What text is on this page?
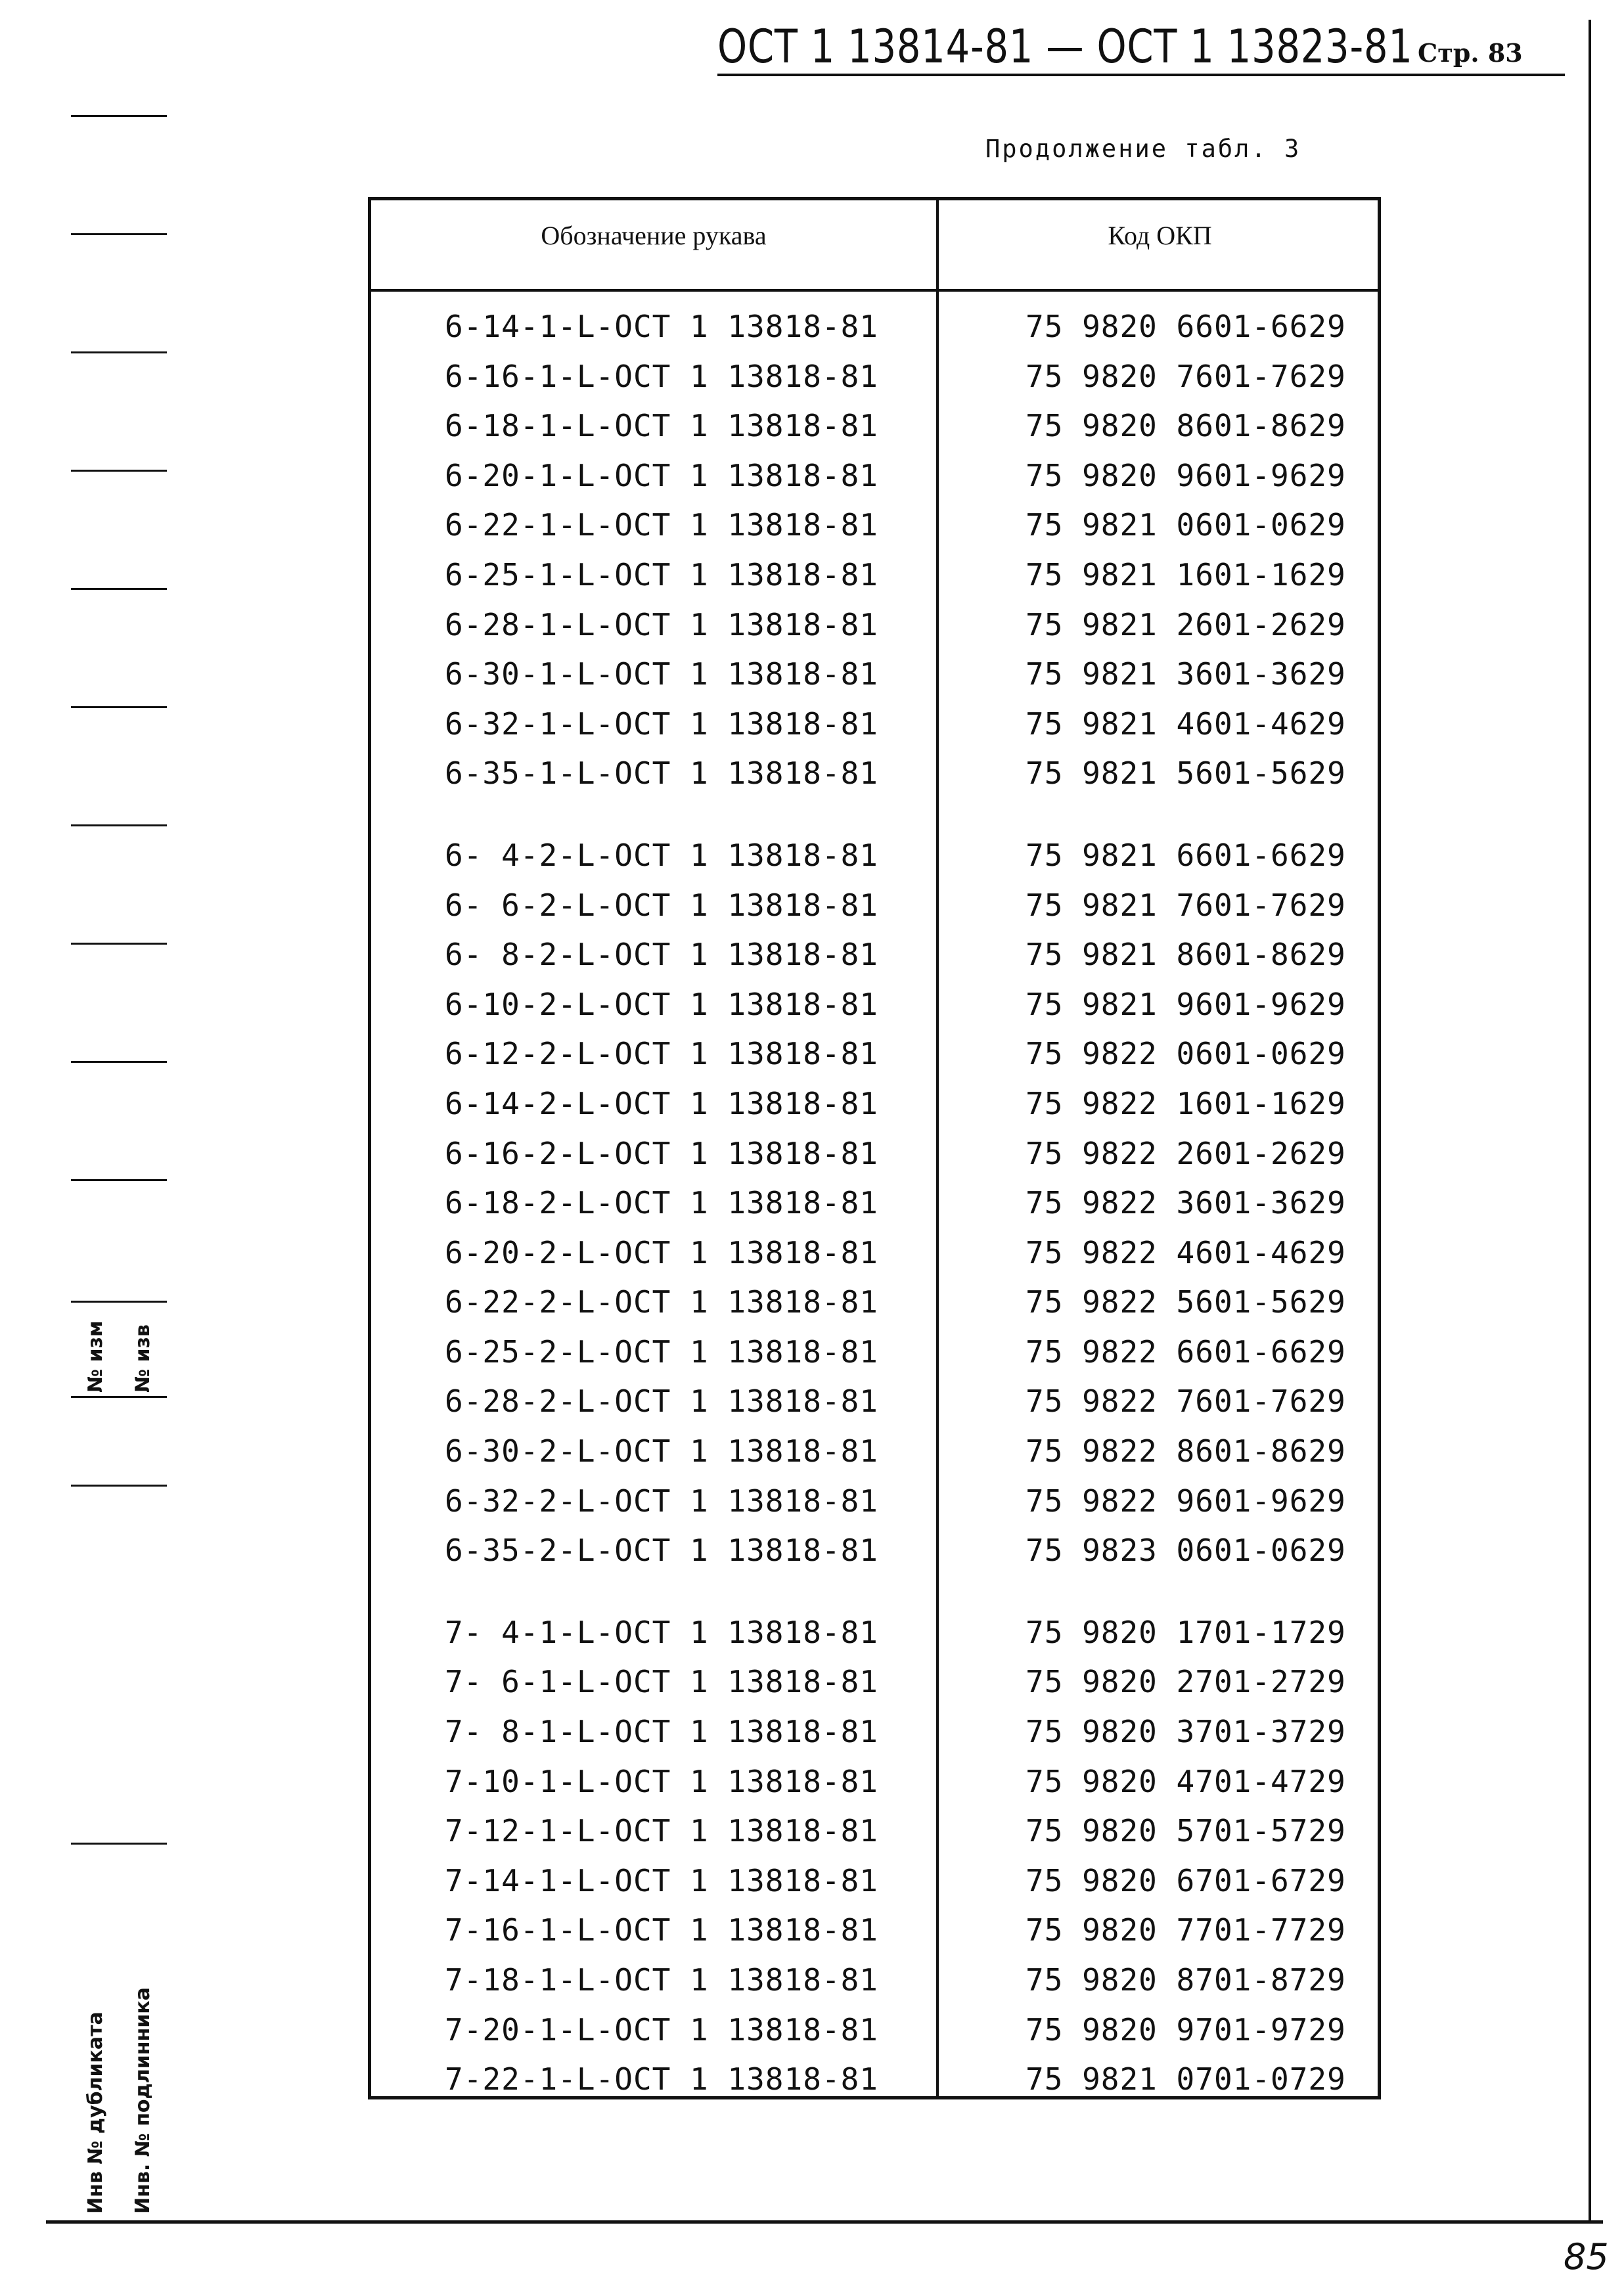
№ изм № изв
Инв № дубликата Инв. № подлинника
ОСТ 1 13814-81 — ОСТ 1 13823-81 Стр. 83
Продолжение табл. 3
Обозначение рукава	Код ОКП
6-14-1-L-ОСТ 1 13818-81	75 9820 6601-6629
6-16-1-L-ОСТ 1 13818-81	75 9820 7601-7629
6-18-1-L-ОСТ 1 13818-81	75 9820 8601-8629
6-20-1-L-ОСТ 1 13818-81	75 9820 9601-9629
6-22-1-L-ОСТ 1 13818-81	75 9821 0601-0629
6-25-1-L-ОСТ 1 13818-81	75 9821 1601-1629
6-28-1-L-ОСТ 1 13818-81	75 9821 2601-2629
6-30-1-L-ОСТ 1 13818-81	75 9821 3601-3629
6-32-1-L-ОСТ 1 13818-81	75 9821 4601-4629
6-35-1-L-ОСТ 1 13818-81	75 9821 5601-5629
6- 4-2-L-ОСТ 1 13818-81	75 9821 6601-6629
6- 6-2-L-ОСТ 1 13818-81	75 9821 7601-7629
6- 8-2-L-ОСТ 1 13818-81	75 9821 8601-8629
6-10-2-L-ОСТ 1 13818-81	75 9821 9601-9629
6-12-2-L-ОСТ 1 13818-81	75 9822 0601-0629
6-14-2-L-ОСТ 1 13818-81	75 9822 1601-1629
6-16-2-L-ОСТ 1 13818-81	75 9822 2601-2629
6-18-2-L-ОСТ 1 13818-81	75 9822 3601-3629
6-20-2-L-ОСТ 1 13818-81	75 9822 4601-4629
6-22-2-L-ОСТ 1 13818-81	75 9822 5601-5629
6-25-2-L-ОСТ 1 13818-81	75 9822 6601-6629
6-28-2-L-ОСТ 1 13818-81	75 9822 7601-7629
6-30-2-L-ОСТ 1 13818-81	75 9822 8601-8629
6-32-2-L-ОСТ 1 13818-81	75 9822 9601-9629
6-35-2-L-ОСТ 1 13818-81	75 9823 0601-0629
7- 4-1-L-ОСТ 1 13818-81	75 9820 1701-1729
7- 6-1-L-ОСТ 1 13818-81	75 9820 2701-2729
7- 8-1-L-ОСТ 1 13818-81	75 9820 3701-3729
7-10-1-L-ОСТ 1 13818-81	75 9820 4701-4729
7-12-1-L-ОСТ 1 13818-81	75 9820 5701-5729
7-14-1-L-ОСТ 1 13818-81	75 9820 6701-6729
7-16-1-L-ОСТ 1 13818-81	75 9820 7701-7729
7-18-1-L-ОСТ 1 13818-81	75 9820 8701-8729
7-20-1-L-ОСТ 1 13818-81	75 9820 9701-9729
7-22-1-L-ОСТ 1 13818-81	75 9821 0701-0729
85
